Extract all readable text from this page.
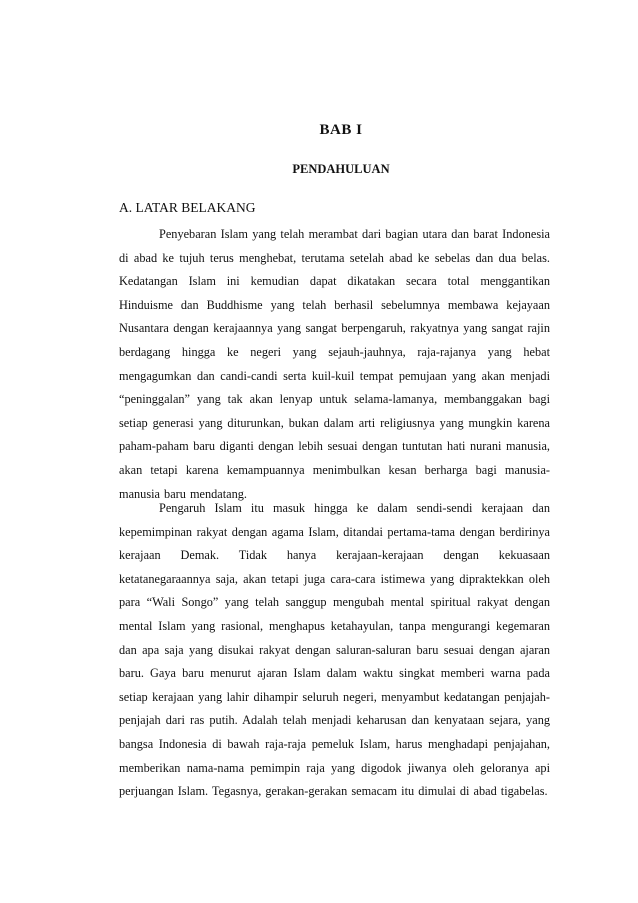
BAB I
PENDAHULUAN
A. LATAR BELAKANG

Penyebaran Islam yang telah merambat dari bagian utara dan barat Indonesia di abad ke tujuh terus menghebat, terutama setelah abad ke sebelas dan dua belas. Kedatangan Islam ini kemudian dapat dikatakan secara total menggantikan Hinduisme dan Buddhisme yang telah berhasil sebelumnya membawa kejayaan Nusantara dengan kerajaannya yang sangat berpengaruh, rakyatnya yang sangat rajin berdagang hingga ke negeri yang sejauh-jauhnya, raja-rajanya yang hebat mengagumkan dan candi-candi serta kuil-kuil tempat pemujaan yang akan menjadi “peninggalan” yang tak akan lenyap untuk selama-lamanya, membanggakan bagi setiap generasi yang diturunkan, bukan dalam arti religiusnya yang mungkin karena paham-paham baru diganti dengan lebih sesuai dengan tuntutan hati nurani manusia, akan tetapi karena kemampuannya menimbulkan kesan berharga bagi manusia-manusia baru mendatang.

Pengaruh Islam itu masuk hingga ke dalam sendi-sendi kerajaan dan kepemimpinan rakyat dengan agama Islam, ditandai pertama-tama dengan berdirinya kerajaan Demak. Tidak hanya kerajaan-kerajaan dengan kekuasaan ketatanegaraannya saja, akan tetapi juga cara-cara istimewa yang dipraktekkan oleh para “Wali Songo” yang telah sanggup mengubah mental spiritual rakyat dengan mental Islam yang rasional, menghapus ketahayulan, tanpa mengurangi kegemaran dan apa saja yang disukai rakyat dengan saluran-saluran baru sesuai dengan ajaran baru. Gaya baru menurut ajaran Islam dalam waktu singkat memberi warna pada setiap kerajaan yang lahir dihampir seluruh negeri, menyambut kedatangan penjajah-penjajah dari ras putih. Adalah telah menjadi keharusan dan kenyataan sejara, yang bangsa Indonesia di bawah raja-raja pemeluk Islam, harus menghadapi penjajahan, memberikan nama-nama pemimpin raja yang digodok jiwanya oleh geloranya api perjuangan Islam. Tegasnya, gerakan-gerakan semacam itu dimulai di abad tigabelas.
